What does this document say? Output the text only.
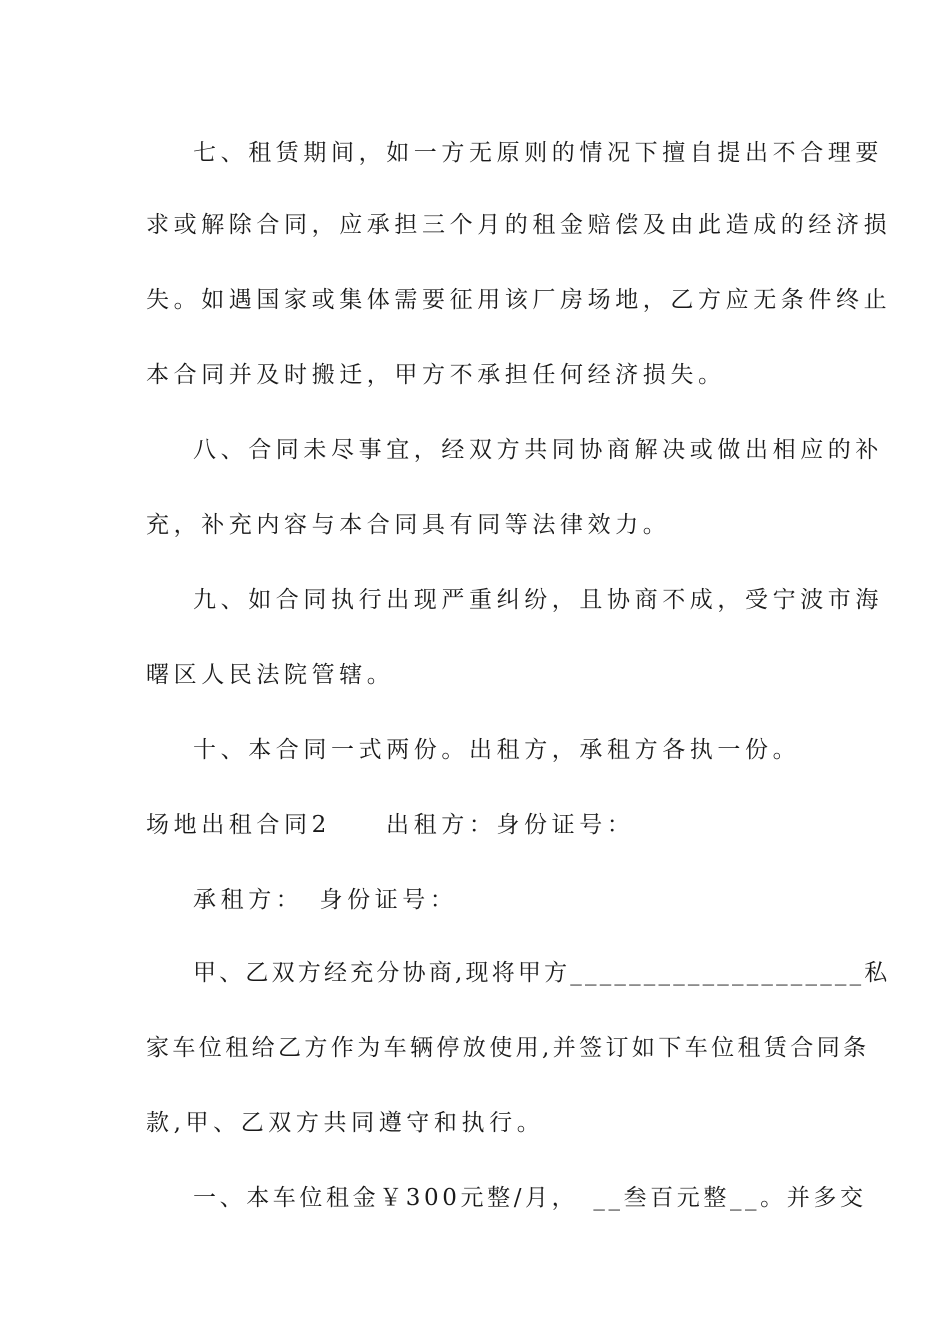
七、租赁期间，如一方无原则的情况下擅自提出不合理要
求或解除合同，应承担三个月的租金赔偿及由此造成的经济损
失。如遇国家或集体需要征用该厂房场地，乙方应无条件终止
本合同并及时搬迁，甲方不承担任何经济损失。
八、合同未尽事宜，经双方共同协商解决或做出相应的补
充，补充内容与本合同具有同等法律效力。
九、如合同执行出现严重纠纷，且协商不成，受宁波市海
曙区人民法院管辖。
十、本合同一式两份。出租方，承租方各执一份。
场地出租合同2　　出租方：身份证号：
承租方：　身份证号：
甲、乙双方经充分协商,现将甲方____________________私
家车位租给乙方作为车辆停放使用,并签订如下车位租赁合同条
款,甲、乙双方共同遵守和执行。
一、本车位租金￥300元整/月，　__叁百元整__。并多交
